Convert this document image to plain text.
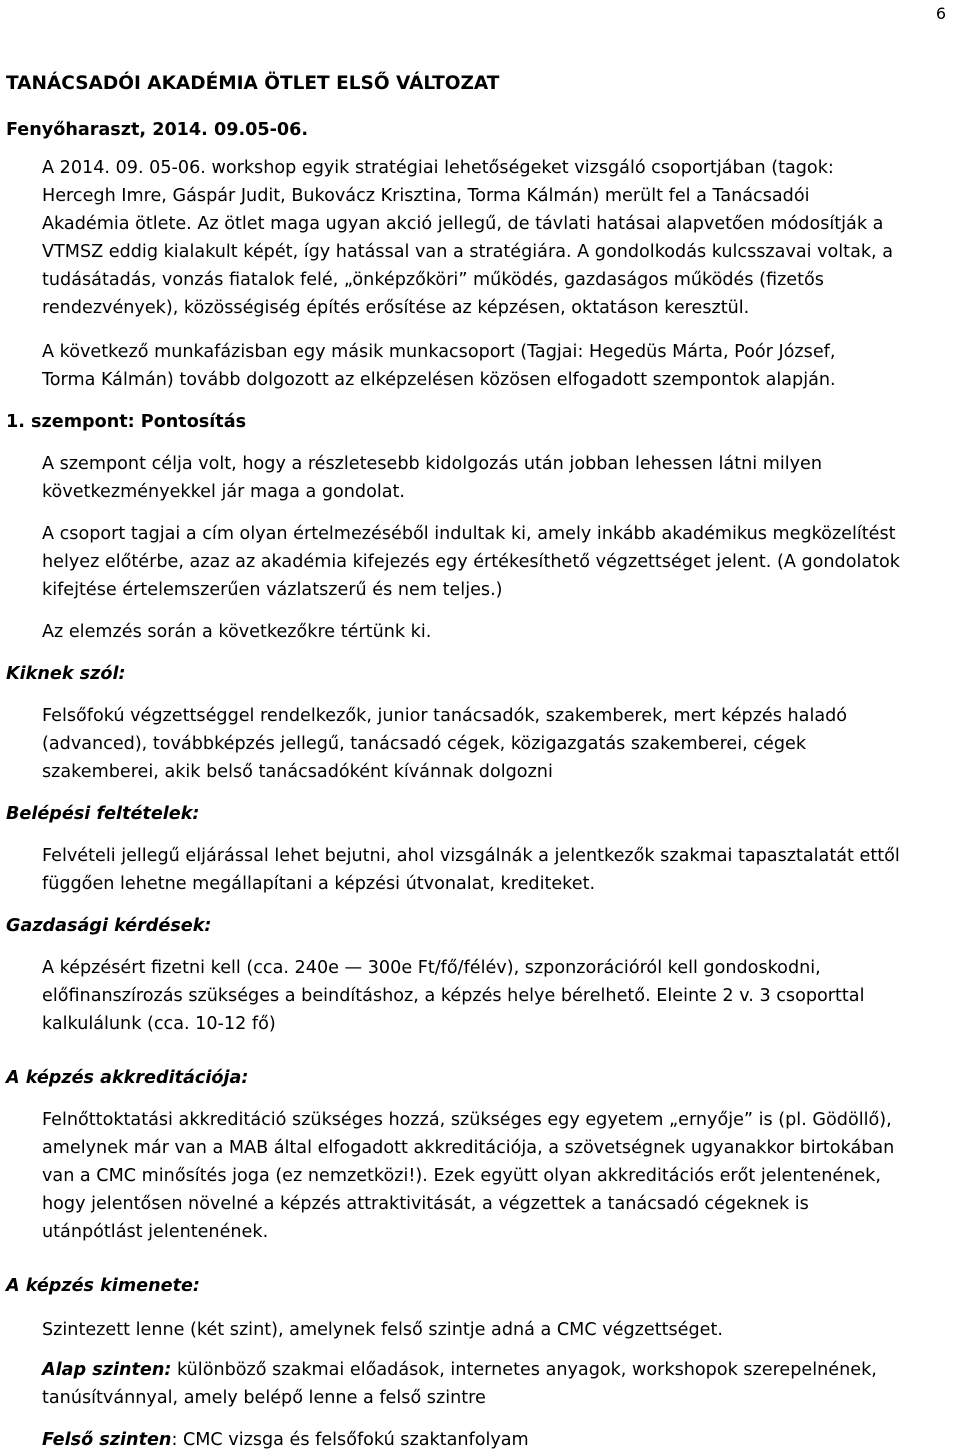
6
TANÁCSADÓI AKADÉMIA ÖTLET ELSŐ VÁLTOZAT
Fenyőharaszt, 2014. 09.05-06.
A 2014. 09. 05-06. workshop egyik stratégiai lehetőségeket vizsgáló csoportjában (tagok:
Hercegh Imre, Gáspár Judit, Bukovácz Krisztina, Torma Kálmán) merült fel a Tanácsadói
Akadémia ötlete. Az ötlet maga ugyan akció jellegű, de távlati hatásai alapvetően módosítják a
VTMSZ eddig kialakult képét, így hatással van a stratégiára. A gondolkodás kulcsszavai voltak, a
tudásátadás, vonzás fiatalok felé, „önképzőköri” működés, gazdaságos működés (fizetős
rendezvények), közösségiség építés erősítése az képzésen, oktatáson keresztül.
A következő munkafázisban egy másik munkacsoport (Tagjai: Hegedüs Márta, Poór József,
Torma Kálmán) tovább dolgozott az elképzelésen közösen elfogadott szempontok alapján.
1. szempont: Pontosítás
A szempont célja volt, hogy a részletesebb kidolgozás után jobban lehessen látni milyen
következményekkel jár maga a gondolat.
A csoport tagjai a cím olyan értelmezéséből indultak ki, amely inkább akadémikus megközelítést
helyez előtérbe, azaz az akadémia kifejezés egy értékesíthető végzettséget jelent. (A gondolatok
kifejtése értelemszerűen vázlatszerű és nem teljes.)
Az elemzés során a következőkre tértünk ki.
Kiknek szól:
Felsőfokú végzettséggel rendelkezők, junior tanácsadók, szakemberek, mert képzés haladó
(advanced), továbbképzés jellegű, tanácsadó cégek, közigazgatás szakemberei, cégek
szakemberei, akik belső tanácsadóként kívánnak dolgozni
Belépési feltételek:
Felvételi jellegű eljárással lehet bejutni, ahol vizsgálnák a jelentkezők szakmai tapasztalatát ettől
függően lehetne megállapítani a képzési útvonalat, krediteket.
Gazdasági kérdések:
A képzésért fizetni kell (cca. 240e — 300e Ft/fő/félév), szponzorációról kell gondoskodni,
előfinanszírozás szükséges a beindításhoz, a képzés helye bérelhető. Eleinte 2 v. 3 csoporttal
kalkulálunk (cca. 10-12 fő)
A képzés akkreditációja:
Felnőttoktatási akkreditáció szükséges hozzá, szükséges egy egyetem „ernyője” is (pl. Gödöllő),
amelynek már van a MAB által elfogadott akkreditációja, a szövetségnek ugyanakkor birtokában
van a CMC minősítés joga (ez nemzetközi!). Ezek együtt olyan akkreditációs erőt jelentenének,
hogy jelentősen növelné a képzés attraktivitását, a végzettek a tanácsadó cégeknek is
utánpótlást jelentenének.
A képzés kimenete:
Szintezett lenne (két szint), amelynek felső szintje adná a CMC végzettséget.
Alap szinten: különböző szakmai előadások, internetes anyagok, workshopok szerepelnének,
tanúsítvánnyal, amely belépő lenne a felső szintre
Felső szinten: CMC vizsga és felsőfokú szaktanfolyam
